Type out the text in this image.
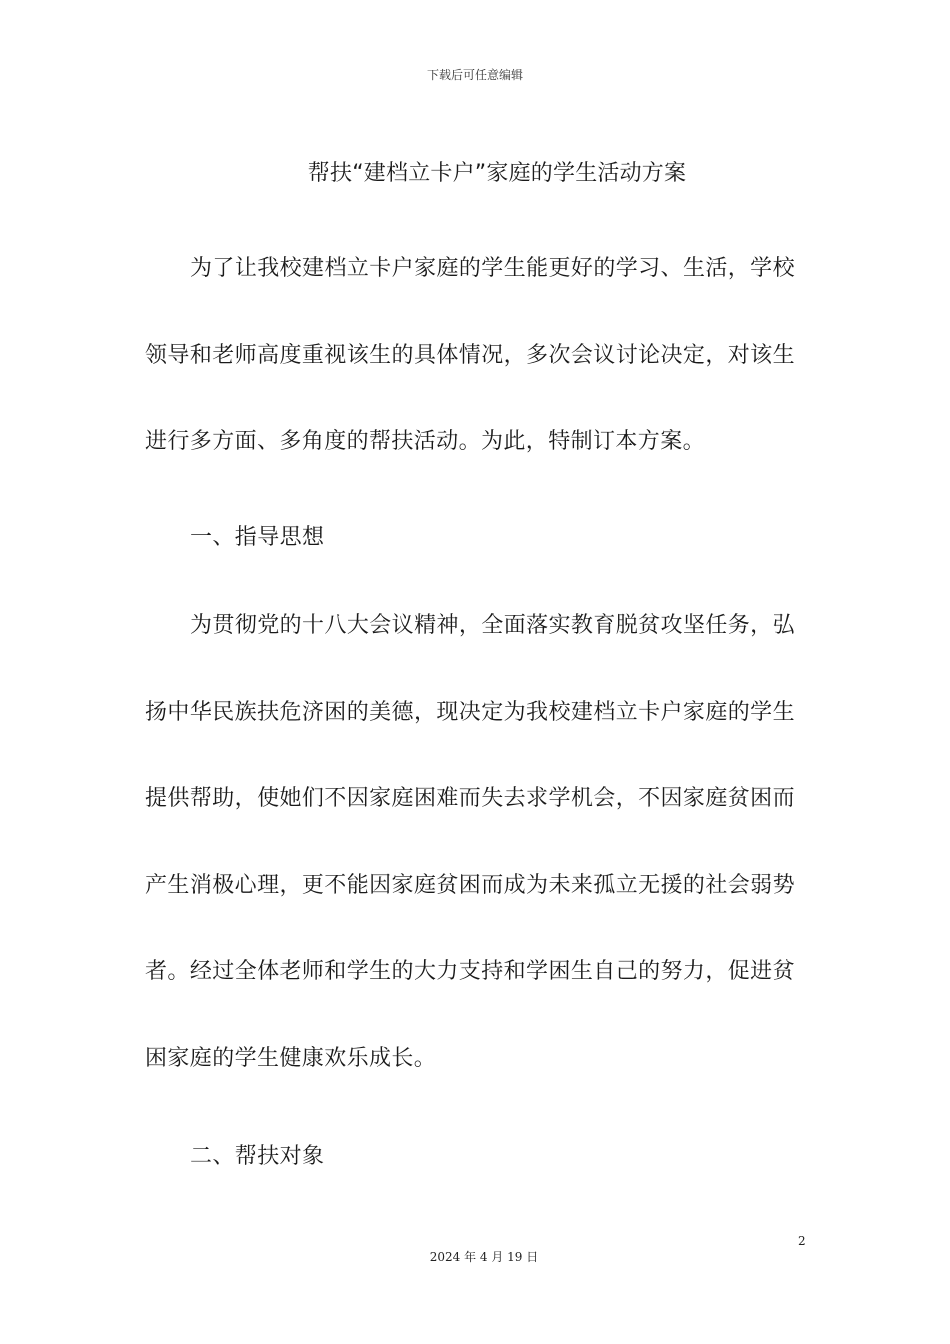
下载后可任意编辑
帮扶“建档立卡户”家庭的学生活动方案

为了让我校建档立卡户家庭的学生能更好的学习、生活，学校领导和老师高度重视该生的具体情况，多次会议讨论决定，对该生进行多方面、多角度的帮扶活动。为此，特制订本方案。

一、指导思想

为贯彻党的十八大会议精神，全面落实教育脱贫攻坚任务，弘扬中华民族扶危济困的美德，现决定为我校建档立卡户家庭的学生提供帮助，使她们不因家庭困难而失去求学机会，不因家庭贫困而产生消极心理，更不能因家庭贫困而成为未来孤立无援的社会弱势者。经过全体老师和学生的大力支持和学困生自己的努力，促进贫困家庭的学生健康欢乐成长。

二、帮扶对象

2
2024 年 4 月 19 日
